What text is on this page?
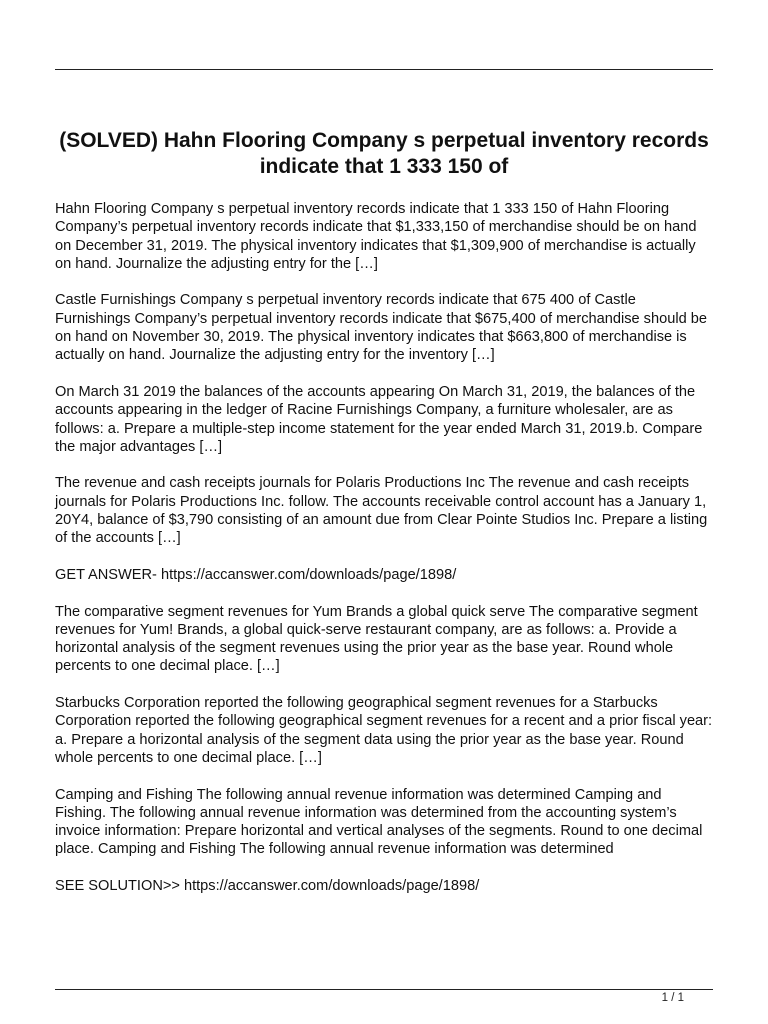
(SOLVED) Hahn Flooring Company s perpetual inventory records indicate that 1 333 150 of

Hahn Flooring Company s perpetual inventory records indicate that 1 333 150 of Hahn Flooring Company’s perpetual inventory records indicate that $1,333,150 of merchandise should be on hand on December 31, 2019. The physical inventory indicates that $1,309,900 of merchandise is actually on hand. Journalize the adjusting entry for the […]

Castle Furnishings Company s perpetual inventory records indicate that 675 400 of Castle Furnishings Company’s perpetual inventory records indicate that $675,400 of merchandise should be on hand on November 30, 2019. The physical inventory indicates that $663,800 of merchandise is actually on hand. Journalize the adjusting entry for the inventory […]

On March 31 2019 the balances of the accounts appearing On March 31, 2019, the balances of the accounts appearing in the ledger of Racine Furnishings Company, a furniture wholesaler, are as follows: a. Prepare a multiple-step income statement for the year ended March 31, 2019.b. Compare the major advantages […]

The revenue and cash receipts journals for Polaris Productions Inc The revenue and cash receipts journals for Polaris Productions Inc. follow. The accounts receivable control account has a January 1, 20Y4, balance of $3,790 consisting of an amount due from Clear Pointe Studios Inc. Prepare a listing of the accounts […]

GET ANSWER- https://accanswer.com/downloads/page/1898/

The comparative segment revenues for Yum Brands a global quick serve The comparative segment revenues for Yum! Brands, a global quick-serve restaurant company, are as follows: a. Provide a horizontal analysis of the segment revenues using the prior year as the base year. Round whole percents to one decimal place. […]

Starbucks Corporation reported the following geographical segment revenues for a Starbucks Corporation reported the following geographical segment revenues for a recent and a prior fiscal year: a. Prepare a horizontal analysis of the segment data using the prior year as the base year. Round whole percents to one decimal place. […]

Camping and Fishing The following annual revenue information was determined Camping and Fishing. The following annual revenue information was determined from the accounting system’s invoice information: Prepare horizontal and vertical analyses of the segments. Round to one decimal place. Camping and Fishing The following annual revenue information was determined

SEE SOLUTION>> https://accanswer.com/downloads/page/1898/

1 / 1
